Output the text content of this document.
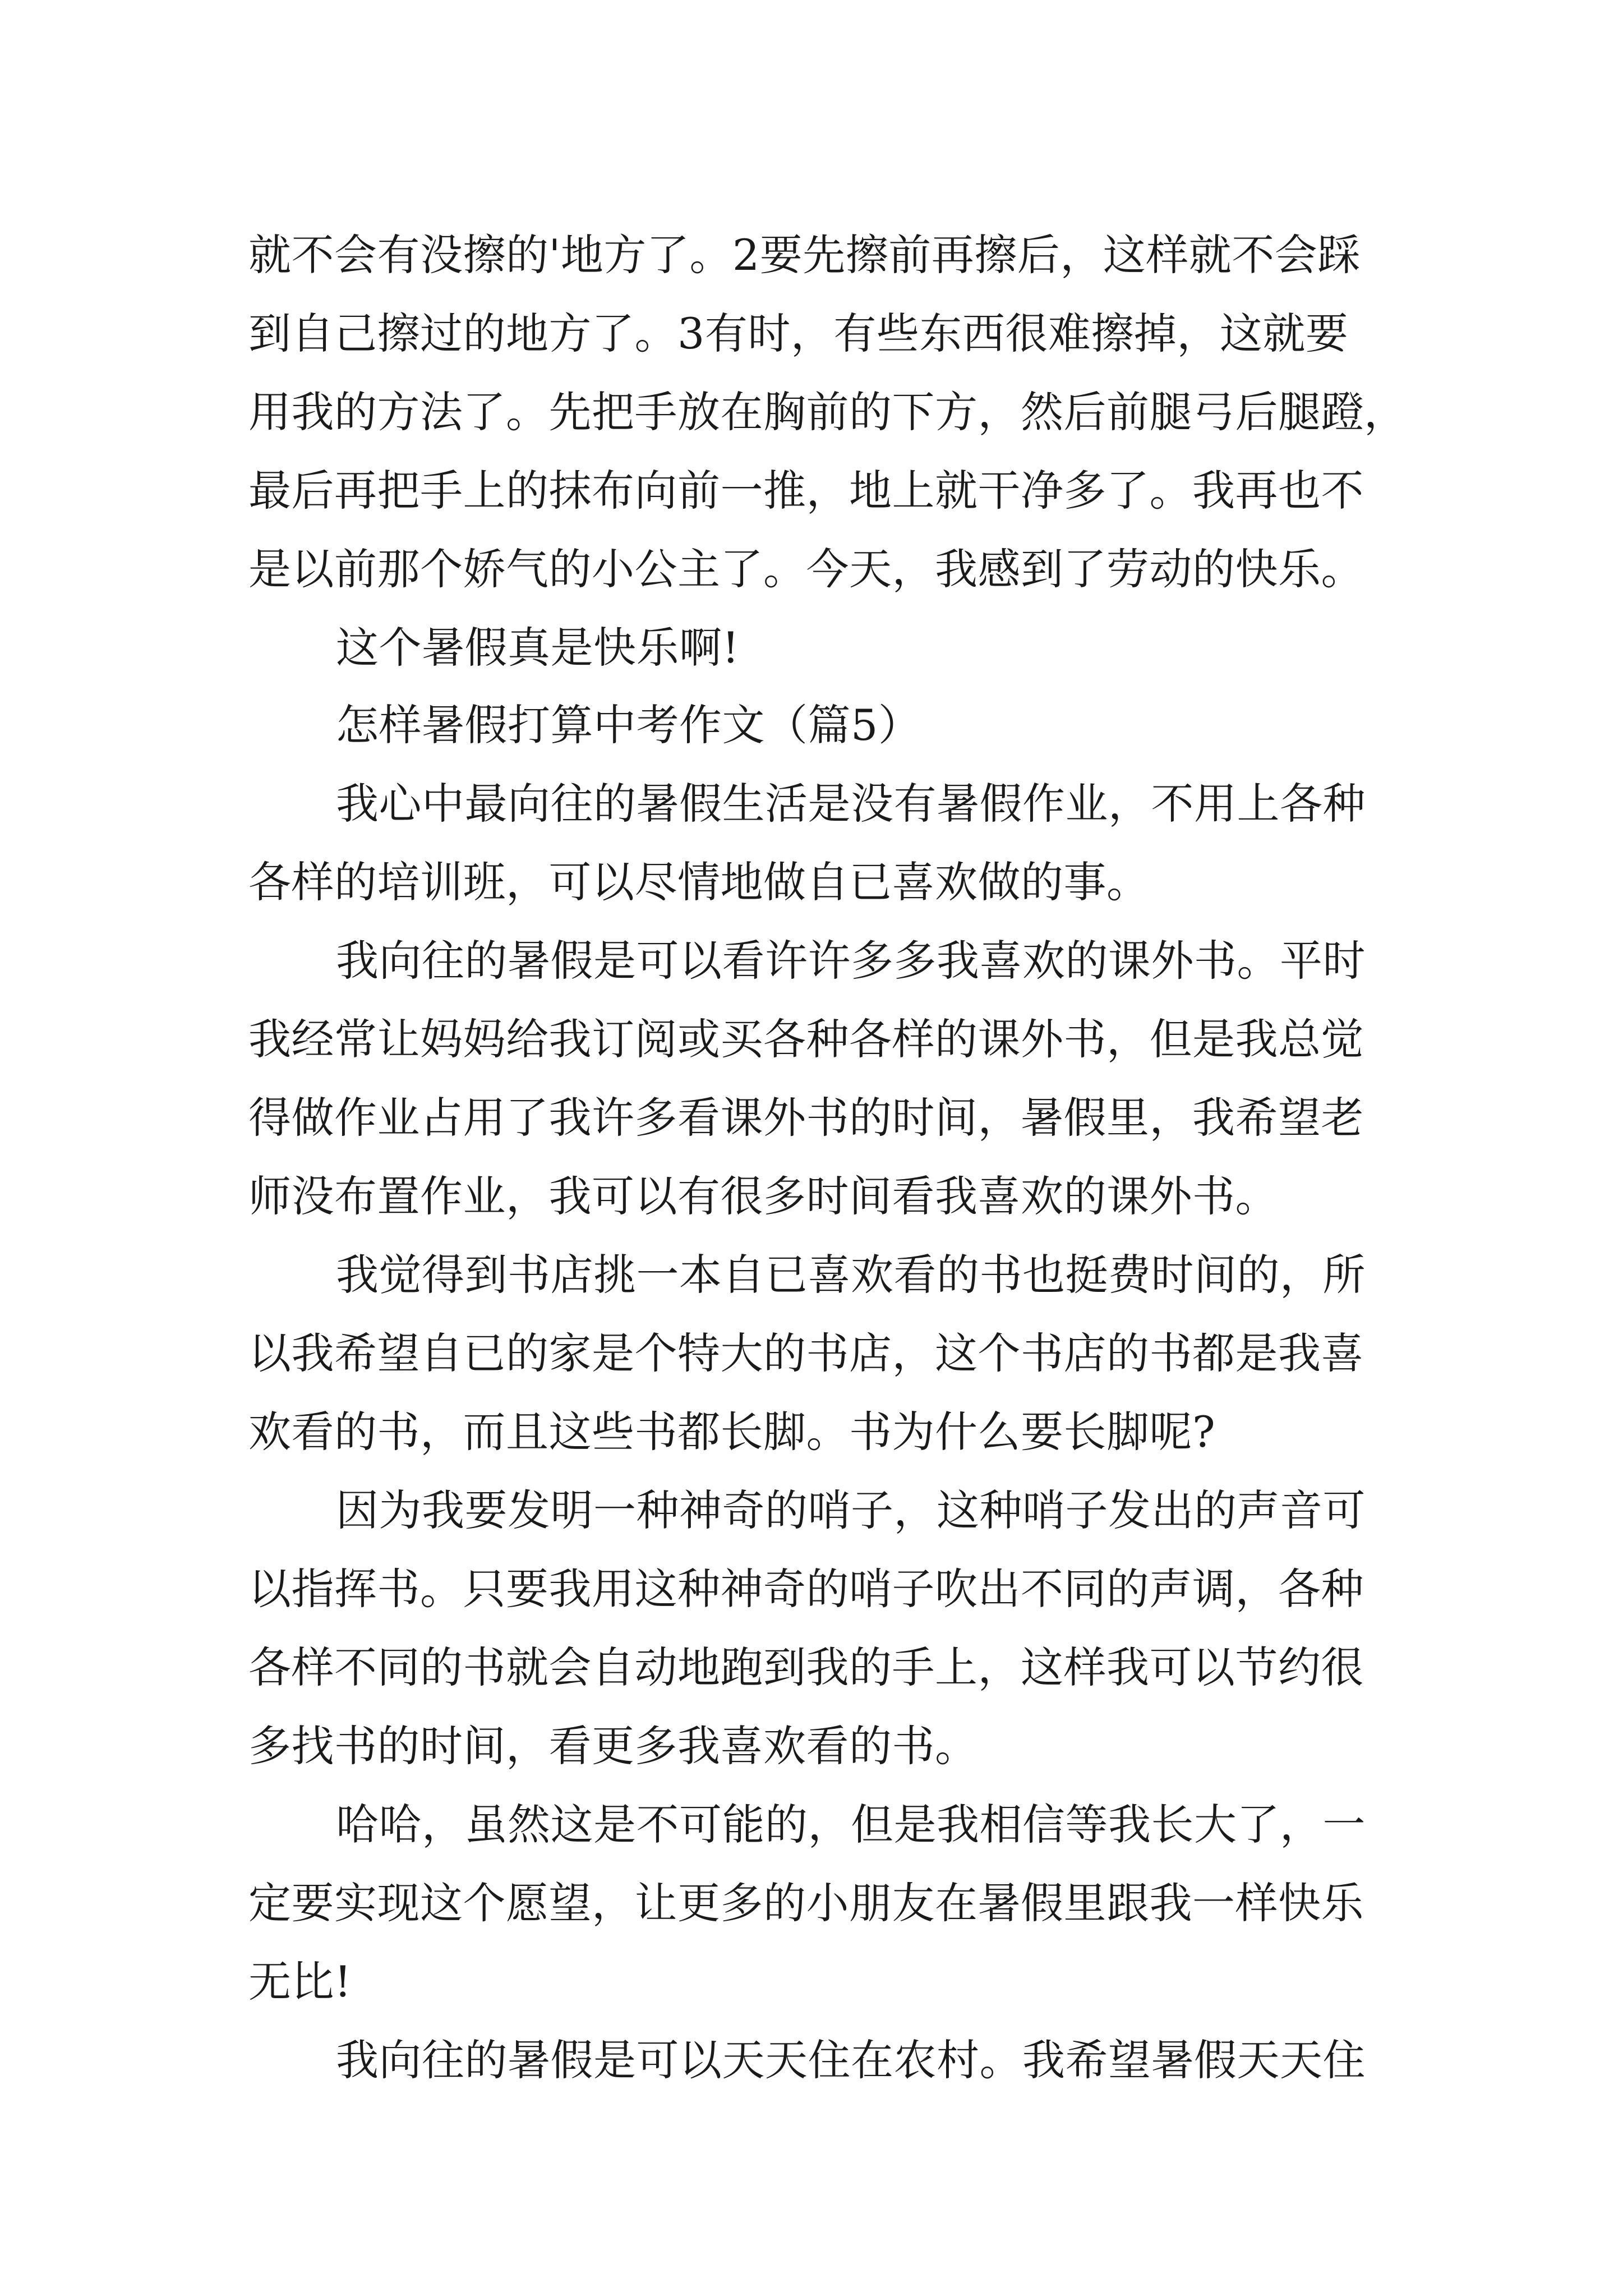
就不会有没擦的'地方了。2要先擦前再擦后，这样就不会踩
到自己擦过的地方了。3有时，有些东西很难擦掉，这就要
用我的方法了。先把手放在胸前的下方，然后前腿弓后腿蹬，
最后再把手上的抹布向前一推，地上就干净多了。我再也不
是以前那个娇气的小公主了。今天，我感到了劳动的快乐。
这个暑假真是快乐啊!
怎样暑假打算中考作文（篇5）
我心中最向往的暑假生活是没有暑假作业，不用上各种
各样的培训班，可以尽情地做自已喜欢做的事。
我向往的暑假是可以看许许多多我喜欢的课外书。平时
我经常让妈妈给我订阅或买各种各样的课外书，但是我总觉
得做作业占用了我许多看课外书的时间，暑假里，我希望老
师没布置作业，我可以有很多时间看我喜欢的课外书。
我觉得到书店挑一本自已喜欢看的书也挺费时间的，所
以我希望自已的家是个特大的书店，这个书店的书都是我喜
欢看的书，而且这些书都长脚。书为什么要长脚呢?
因为我要发明一种神奇的哨子，这种哨子发出的声音可
以指挥书。只要我用这种神奇的哨子吹出不同的声调，各种
各样不同的书就会自动地跑到我的手上，这样我可以节约很
多找书的时间，看更多我喜欢看的书。
哈哈，虽然这是不可能的，但是我相信等我长大了，一
定要实现这个愿望，让更多的小朋友在暑假里跟我一样快乐
无比!
我向往的暑假是可以天天住在农村。我希望暑假天天住
